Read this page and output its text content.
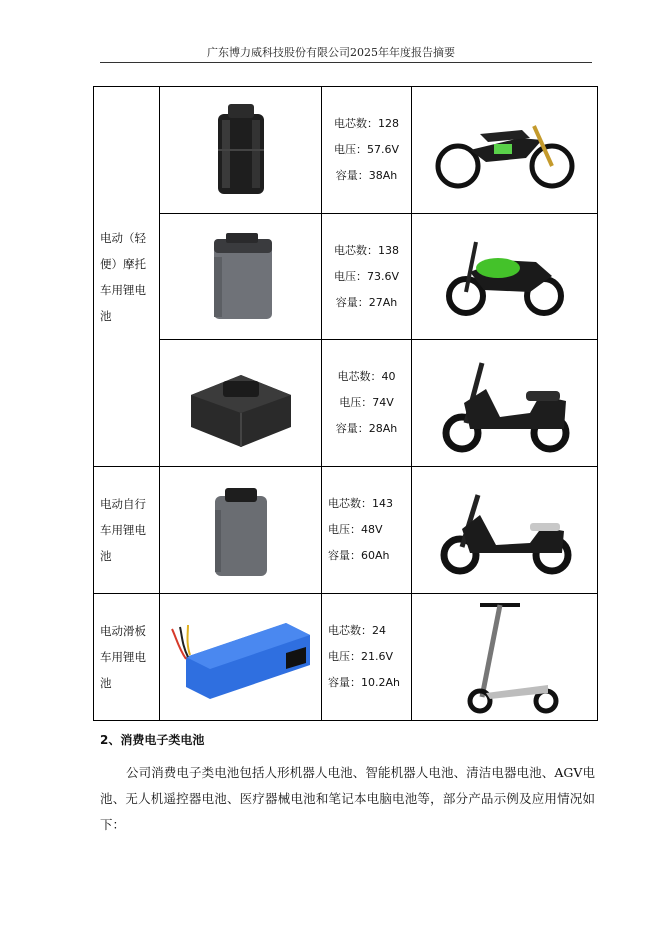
广东博力威科技股份有限公司2025年年度报告摘要
电动（轻便）摩托车用锂电池		电芯数：128
电压：57.6V
容量：38Ah

电芯数：138
电压：73.6V
容量：27Ah

电芯数：40
电压：74V
容量：28Ah

电动自行车用锂电池		电芯数：143
电压：48V
容量：60Ah

电动滑板车用锂电池		电芯数：24
电压：21.6V
容量：10.2Ah

2、消费电子类电池
公司消费电子类电池包括人形机器人电池、智能机器人电池、清洁电器电池、AGV电池、无人机遥控器电池、医疗器械电池和笔记本电脑电池等，部分产品示例及应用情况如下：
